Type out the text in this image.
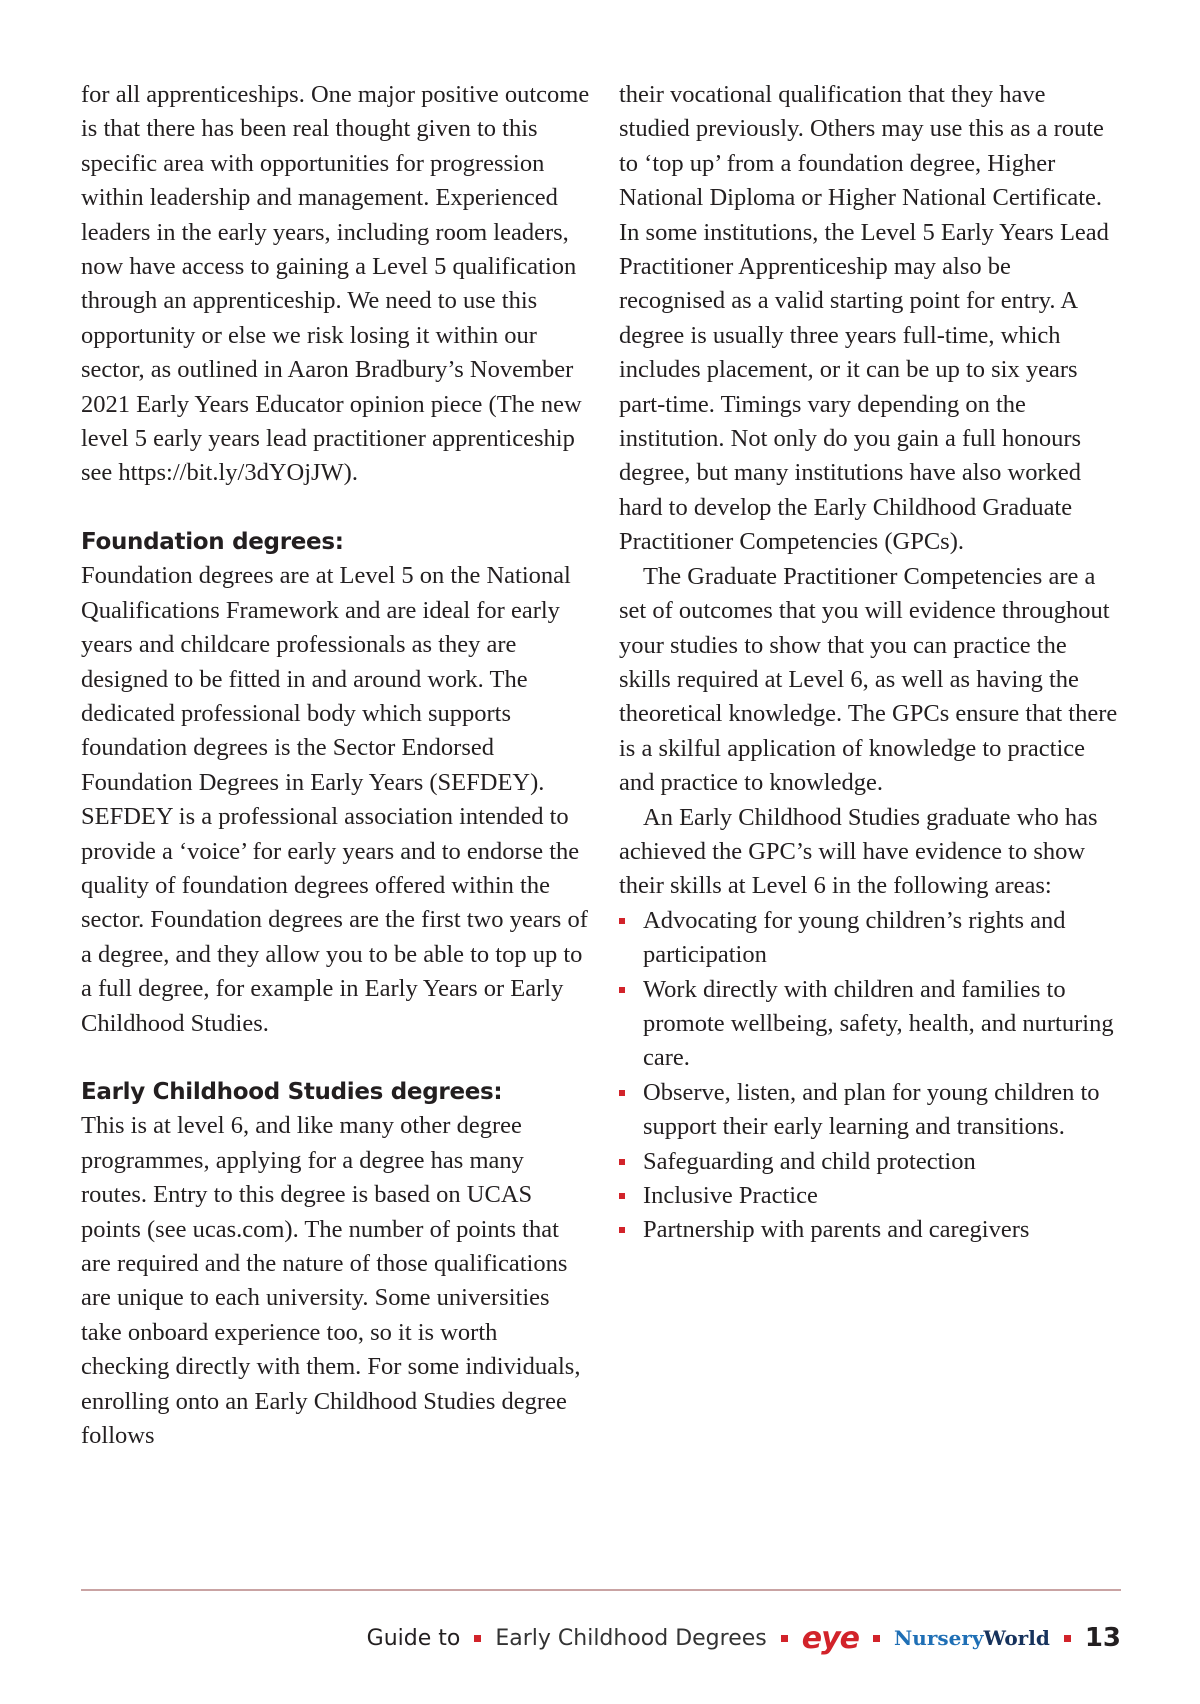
for all apprenticeships. One major positive outcome is that there has been real thought given to this specific area with opportunities for progression within leadership and management. Experienced leaders in the early years, including room leaders, now have access to gaining a Level 5 qualification through an apprenticeship. We need to use this opportunity or else we risk losing it within our sector, as outlined in Aaron Bradbury’s November 2021 Early Years Educator opinion piece (The new level 5 early years lead practitioner apprenticeship see https://bit.ly/3dYOjJW).

Foundation degrees:

Foundation degrees are at Level 5 on the National Qualifications Framework and are ideal for early years and childcare professionals as they are designed to be fitted in and around work. The dedicated professional body which supports foundation degrees is the Sector Endorsed Foundation Degrees in Early Years (SEFDEY). SEFDEY is a professional association intended to provide a ‘voice’ for early years and to endorse the quality of foundation degrees offered within the sector. Foundation degrees are the first two years of a degree, and they allow you to be able to top up to a full degree, for example in Early Years or Early Childhood Studies.

Early Childhood Studies degrees:

This is at level 6, and like many other degree programmes, applying for a degree has many routes. Entry to this degree is based on UCAS points (see ucas.com). The number of points that are required and the nature of those qualifications are unique to each university. Some universities take onboard experience too, so it is worth checking directly with them. For some individuals, enrolling onto an Early Childhood Studies degree follows

their vocational qualification that they have studied previously. Others may use this as a route to ‘top up’ from a foundation degree, Higher National Diploma or Higher National Certificate. In some institutions, the Level 5 Early Years Lead Practitioner Apprenticeship may also be recognised as a valid starting point for entry. A degree is usually three years full-time, which includes placement, or it can be up to six years part-time. Timings vary depending on the institution. Not only do you gain a full honours degree, but many institutions have also worked hard to develop the Early Childhood Graduate Practitioner Competencies (GPCs).

The Graduate Practitioner Competencies are a set of outcomes that you will evidence throughout your studies to show that you can practice the skills required at Level 6, as well as having the theoretical knowledge. The GPCs ensure that there is a skilful application of knowledge to practice and practice to knowledge.

An Early Childhood Studies graduate who has achieved the GPC’s will have evidence to show their skills at Level 6 in the following areas:

Advocating for young children’s rights and participation
Work directly with children and families to promote wellbeing, safety, health, and nurturing care.
Observe, listen, and plan for young children to support their early learning and transitions.
Safeguarding and child protection
Inclusive Practice
Partnership with parents and caregivers
Guide to Early Childhood Degrees eye NurseryWorld 13
